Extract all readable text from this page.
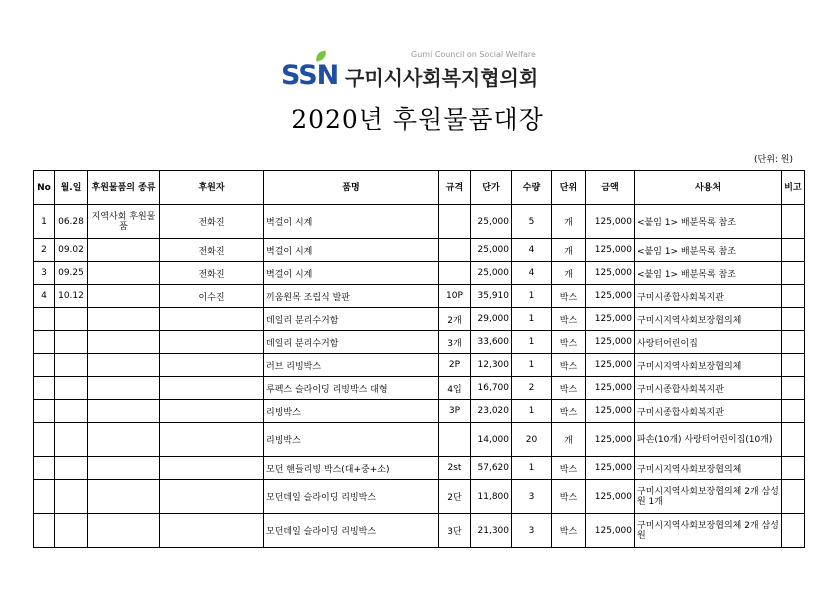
SSN
Gumi Council on Social Welfare
구미시사회복지협의회
2020년 후원물품대장
(단위: 원)
No	월.일	후원물품의 종류	후원자	품명	규격	단가	수량	단위	금액	사용처	비고
1	06.28	지역사회 후원물품	전화진	벽걸이 시계		25,000	5	개	125,000	<붙임 1> 배분목록 참조	
2	09.02		전화진	벽걸이 시계		25,000	4	개	125,000	<붙임 1> 배분목록 참조	
3	09.25		전화진	벽걸이 시계		25,000	4	개	125,000	<붙임 1> 배분목록 참조	
4	10.12		이수진	끼움원목 조립식 발판	10P	35,910	1	박스	125,000	구미시종합사회복지관	
				데일리 분리수거함	2개	29,000	1	박스	125,000	구미시지역사회보장협의체	
				데일리 분리수거함	3개	33,600	1	박스	125,000	사랑터어린이집	
				러브 리빙박스	2P	12,300	1	박스	125,000	구미시지역사회보장협의체	
				루펙스 슬라이딩 리빙박스 대형	4입	16,700	2	박스	125,000	구미시종합사회복지관	
				리빙박스	3P	23,020	1	박스	125,000	구미시종합사회복지관	
				리빙박스		14,000	20	개	125,000	파손(10개) 사랑터어린이집(10개)	
				모던 핸들리빙 박스(대+중+소)	2st	57,620	1	박스	125,000	구미시지역사회보장협의체	
				모던데일 슬라이딩 리빙박스	2단	11,800	3	박스	125,000	구미시지역사회보장협의체 2개 삼성원 1개	
				모던데일 슬라이딩 리빙박스	3단	21,300	3	박스	125,000	구미시지역사회보장협의체 2개 삼성원	
